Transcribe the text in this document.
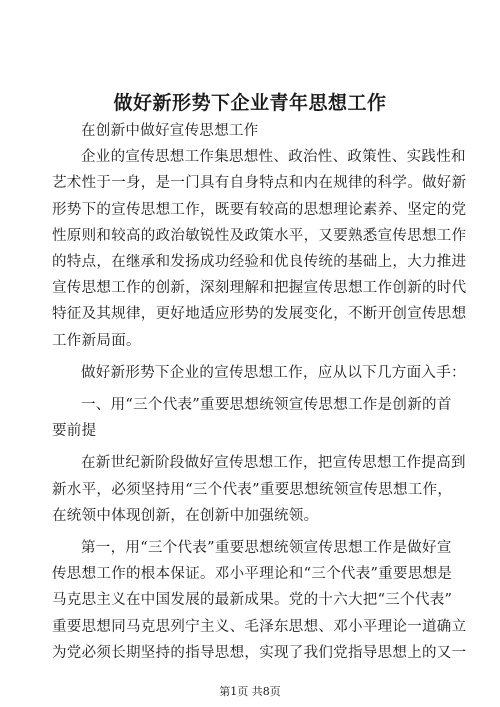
做好新形势下企业青年思想工作

在创新中做好宣传思想工作

企业的宣传思想工作集思想性、政治性、政策性、实践性和
艺术性于一身，是一门具有自身特点和内在规律的科学。做好新
形势下的宣传思想工作，既要有较高的思想理论素养、坚定的党
性原则和较高的政治敏锐性及政策水平，又要熟悉宣传思想工作
的特点，在继承和发扬成功经验和优良传统的基础上，大力推进
宣传思想工作的创新，深刻理解和把握宣传思想工作创新的时代
特征及其规律，更好地适应形势的发展变化，不断开创宣传思想
工作新局面。

做好新形势下企业的宣传思想工作，应从以下几方面入手：

一、用“三个代表”重要思想统领宣传思想工作是创新的首
要前提

在新世纪新阶段做好宣传思想工作，把宣传思想工作提高到
新水平，必须坚持用“三个代表”重要思想统领宣传思想工作，
在统领中体现创新，在创新中加强统领。

第一，用“三个代表”重要思想统领宣传思想工作是做好宣
传思想工作的根本保证。邓小平理论和“三个代表”重要思想是
马克思主义在中国发展的最新成果。党的十六大把“三个代表”
重要思想同马克思列宁主义、毛泽东思想、邓小平理论一道确立
为党必须长期坚持的指导思想，实现了我们党指导思想上的又一

第1页 共8页
